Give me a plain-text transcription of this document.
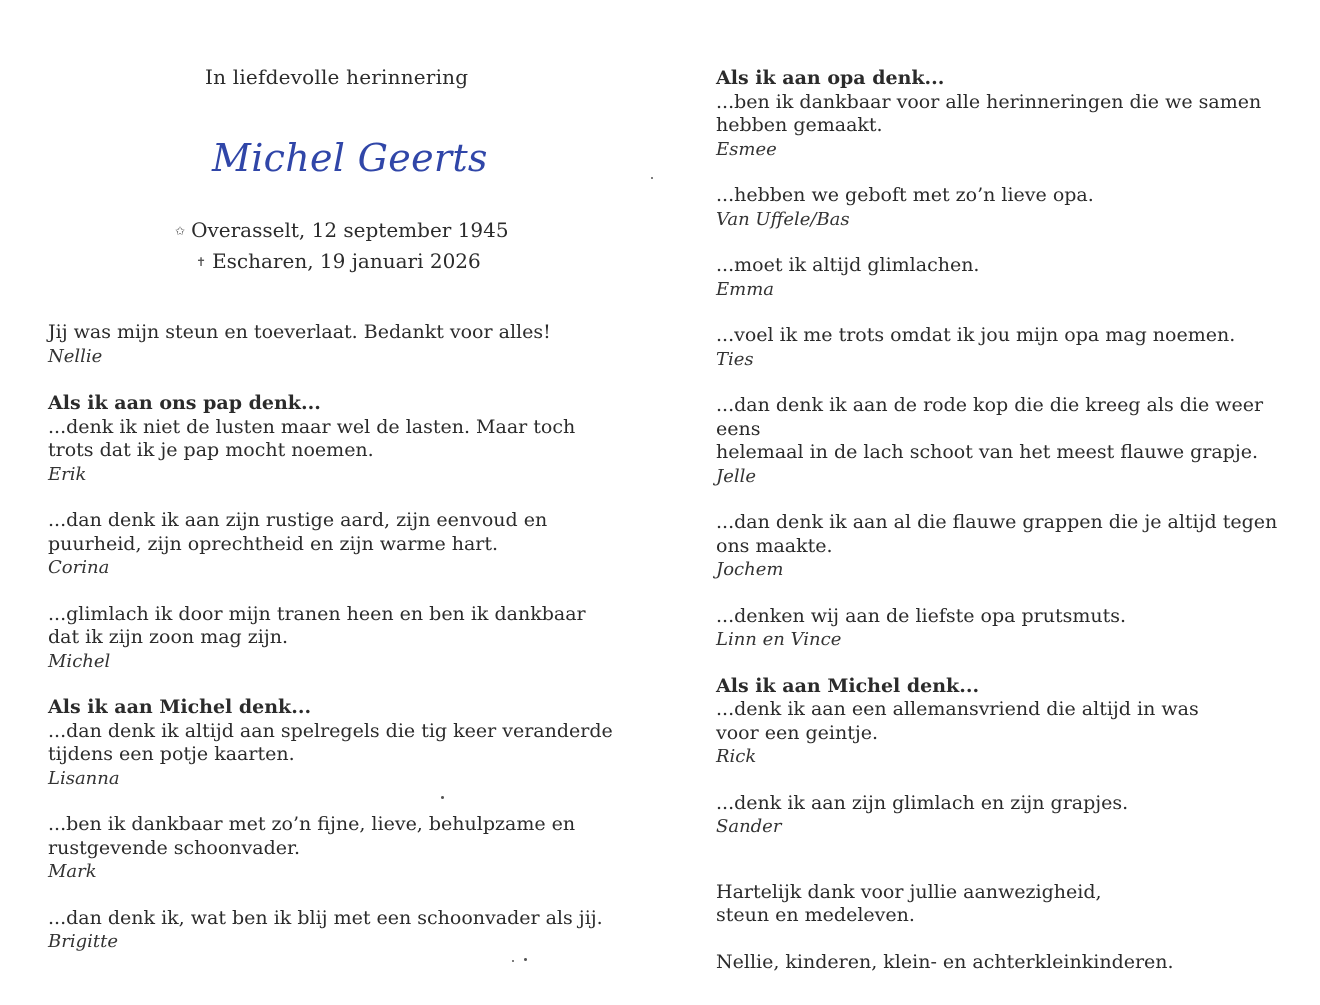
In liefdevolle herinnering
Michel Geerts
✩ Overasselt, 12 september 1945
✝ Escharen, 19 januari 2026
Jij was mijn steun en toeverlaat. Bedankt voor alles!
Nellie
Als ik aan ons pap denk...
...denk ik niet de lusten maar wel de lasten. Maar toch
trots dat ik je pap mocht noemen.
Erik
...dan denk ik aan zijn rustige aard, zijn eenvoud en
puurheid, zijn oprechtheid en zijn warme hart.
Corina
...glimlach ik door mijn tranen heen en ben ik dankbaar
dat ik zijn zoon mag zijn.
Michel
Als ik aan Michel denk...
...dan denk ik altijd aan spelregels die tig keer veranderde
tijdens een potje kaarten.
Lisanna
...ben ik dankbaar met zo’n fijne, lieve, behulpzame en
rustgevende schoonvader.
Mark
...dan denk ik, wat ben ik blij met een schoonvader als jij.
Brigitte
Als ik aan opa denk...
...ben ik dankbaar voor alle herinneringen die we samen
hebben gemaakt.
Esmee
...hebben we geboft met zo’n lieve opa.
Van Uffele/Bas
...moet ik altijd glimlachen.
Emma
...voel ik me trots omdat ik jou mijn opa mag noemen.
Ties
...dan denk ik aan de rode kop die die kreeg als die weer eens
helemaal in de lach schoot van het meest flauwe grapje.
Jelle
...dan denk ik aan al die flauwe grappen die je altijd tegen
ons maakte.
Jochem
...denken wij aan de liefste opa prutsmuts.
Linn en Vince
Als ik aan Michel denk...
...denk ik aan een allemansvriend die altijd in was
voor een geintje.
Rick
...denk ik aan zijn glimlach en zijn grapjes.
Sander
Hartelijk dank voor jullie aanwezigheid,
steun en medeleven.
Nellie, kinderen, klein- en achterkleinkinderen.
